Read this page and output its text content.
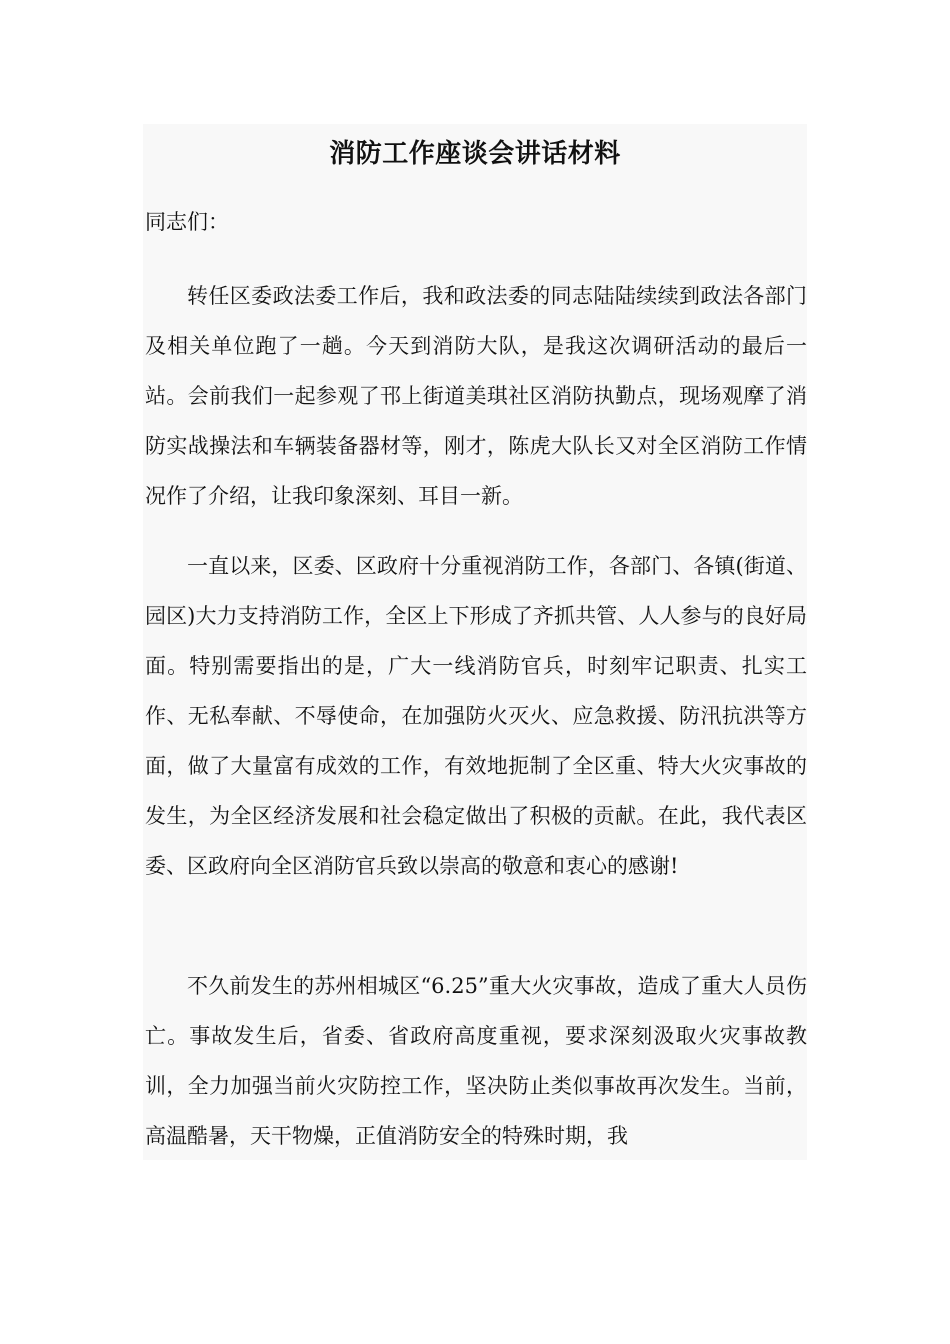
消防工作座谈会讲话材料

同志们：

转任区委政法委工作后，我和政法委的同志陆陆续续到政法各部门及相关单位跑了一趟。今天到消防大队，是我这次调研活动的最后一站。会前我们一起参观了邗上街道美琪社区消防执勤点，现场观摩了消防实战操法和车辆装备器材等，刚才，陈虎大队长又对全区消防工作情况作了介绍，让我印象深刻、耳目一新。

一直以来，区委、区政府十分重视消防工作，各部门、各镇(街道、园区)大力支持消防工作，全区上下形成了齐抓共管、人人参与的良好局面。特别需要指出的是，广大一线消防官兵，时刻牢记职责、扎实工作、无私奉献、不辱使命，在加强防火灭火、应急救援、防汛抗洪等方面，做了大量富有成效的工作，有效地扼制了全区重、特大火灾事故的发生，为全区经济发展和社会稳定做出了积极的贡献。在此，我代表区委、区政府向全区消防官兵致以崇高的敬意和衷心的感谢!

不久前发生的苏州相城区“6.25”重大火灾事故，造成了重大人员伤亡。事故发生后，省委、省政府高度重视，要求深刻汲取火灾事故教训，全力加强当前火灾防控工作，坚决防止类似事故再次发生。当前，高温酷暑，天干物燥，正值消防安全的特殊时期，我
